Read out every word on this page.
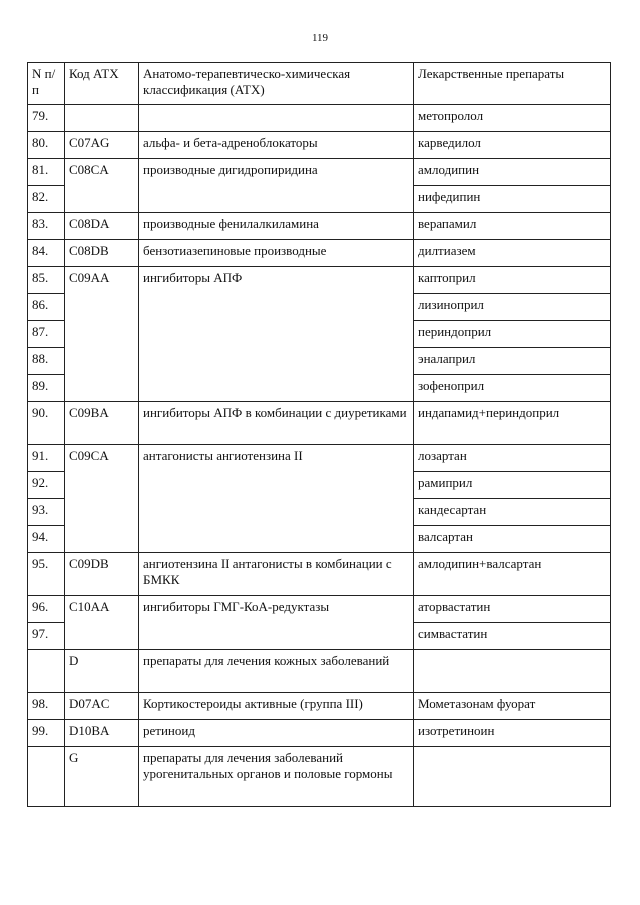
119
N п/п	Код АТХ	Анатомо-терапевтическо-химическая классификация (АТХ)	Лекарственные препараты
79.			метопролол
80.	C07AG	альфа- и бета-адреноблокаторы	карведилол
81.	C08CA	производные дигидропиридина	амлодипин
82.			нифедипин
83.	C08DA	производные фенилалкиламина	верапамил
84.	C08DB	бензотиазепиновые производные	дилтиазем
85.	C09AA	ингибиторы АПФ	каптоприл
86.			лизиноприл
87.			периндоприл
88.			эналаприл
89.			зофеноприл
90.	C09BA	ингибиторы АПФ в комбинации с диуретиками	индапамид+периндоприл
91.	C09CA	антагонисты ангиотензина II	лозартан
92.			рамиприл
93.			кандесартан
94.			валсартан
95.	C09DB	ангиотензина II антагонисты в комбинации с БМКК	амлодипин+валсартан
96.	C10AA	ингибиторы ГМГ-КоА-редуктазы	аторвастатин
97.			симвастатин
	D	препараты для лечения кожных заболеваний	
98.	D07AC	Кортикостероиды активные (группа III)	Мометазонам фуорат
99.	D10BA	ретиноид	изотретиноин
	G	препараты для лечения заболеваний урогенитальных органов и половые гормоны	
